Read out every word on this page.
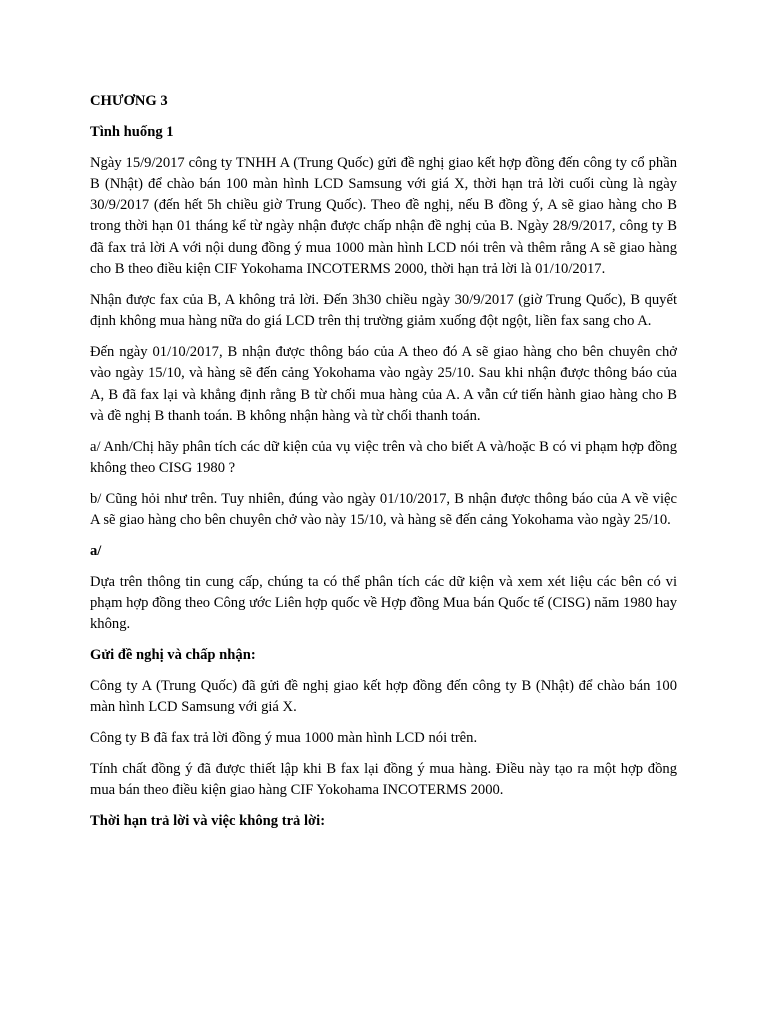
CHƯƠNG 3

Tình huống 1

Ngày 15/9/2017 công ty TNHH A (Trung Quốc) gửi đề nghị giao kết hợp đồng đến công ty cổ phần B (Nhật) để chào bán 100 màn hình LCD Samsung với giá X, thời hạn trả lời cuối cùng là ngày 30/9/2017 (đến hết 5h chiều giờ Trung Quốc). Theo đề nghị, nếu B đồng ý, A sẽ giao hàng cho B trong thời hạn 01 tháng kể từ ngày nhận được chấp nhận đề nghị của B. Ngày 28/9/2017, công ty B đã fax trả lời A với nội dung đồng ý mua 1000 màn hình LCD nói trên và thêm rằng A sẽ giao hàng cho B theo điều kiện CIF Yokohama INCOTERMS 2000, thời hạn trả lời là 01/10/2017.

Nhận được fax của B, A không trả lời. Đến 3h30 chiều ngày 30/9/2017 (giờ Trung Quốc), B quyết định không mua hàng nữa do giá LCD trên thị trường giảm xuống đột ngột, liền fax sang cho A.

Đến ngày 01/10/2017, B nhận được thông báo của A theo đó A sẽ giao hàng cho bên chuyên chở vào ngày 15/10, và hàng sẽ đến cảng Yokohama vào ngày 25/10. Sau khi nhận được thông báo của A, B đã fax lại và khẳng định rằng B từ chối mua hàng của A. A vẫn cứ tiến hành giao hàng cho B và đề nghị B thanh toán. B không nhận hàng và từ chối thanh toán.

a/ Anh/Chị hãy phân tích các dữ kiện của vụ việc trên và cho biết A và/hoặc B có vi phạm hợp đồng không theo CISG 1980 ?

b/ Cũng hỏi như trên. Tuy nhiên, đúng vào ngày 01/10/2017, B nhận được thông báo của A về việc A sẽ giao hàng cho bên chuyên chở vào này 15/10, và hàng sẽ đến cảng Yokohama vào ngày 25/10.

a/

Dựa trên thông tin cung cấp, chúng ta có thể phân tích các dữ kiện và xem xét liệu các bên có vi phạm hợp đồng theo Công ước Liên hợp quốc về Hợp đồng Mua bán Quốc tế (CISG) năm 1980 hay không.

Gửi đề nghị và chấp nhận:

Công ty A (Trung Quốc) đã gửi đề nghị giao kết hợp đồng đến công ty B (Nhật) để chào bán 100 màn hình LCD Samsung với giá X.

Công ty B đã fax trả lời đồng ý mua 1000 màn hình LCD nói trên.

Tính chất đồng ý đã được thiết lập khi B fax lại đồng ý mua hàng. Điều này tạo ra một hợp đồng mua bán theo điều kiện giao hàng CIF Yokohama INCOTERMS 2000.

Thời hạn trả lời và việc không trả lời:
